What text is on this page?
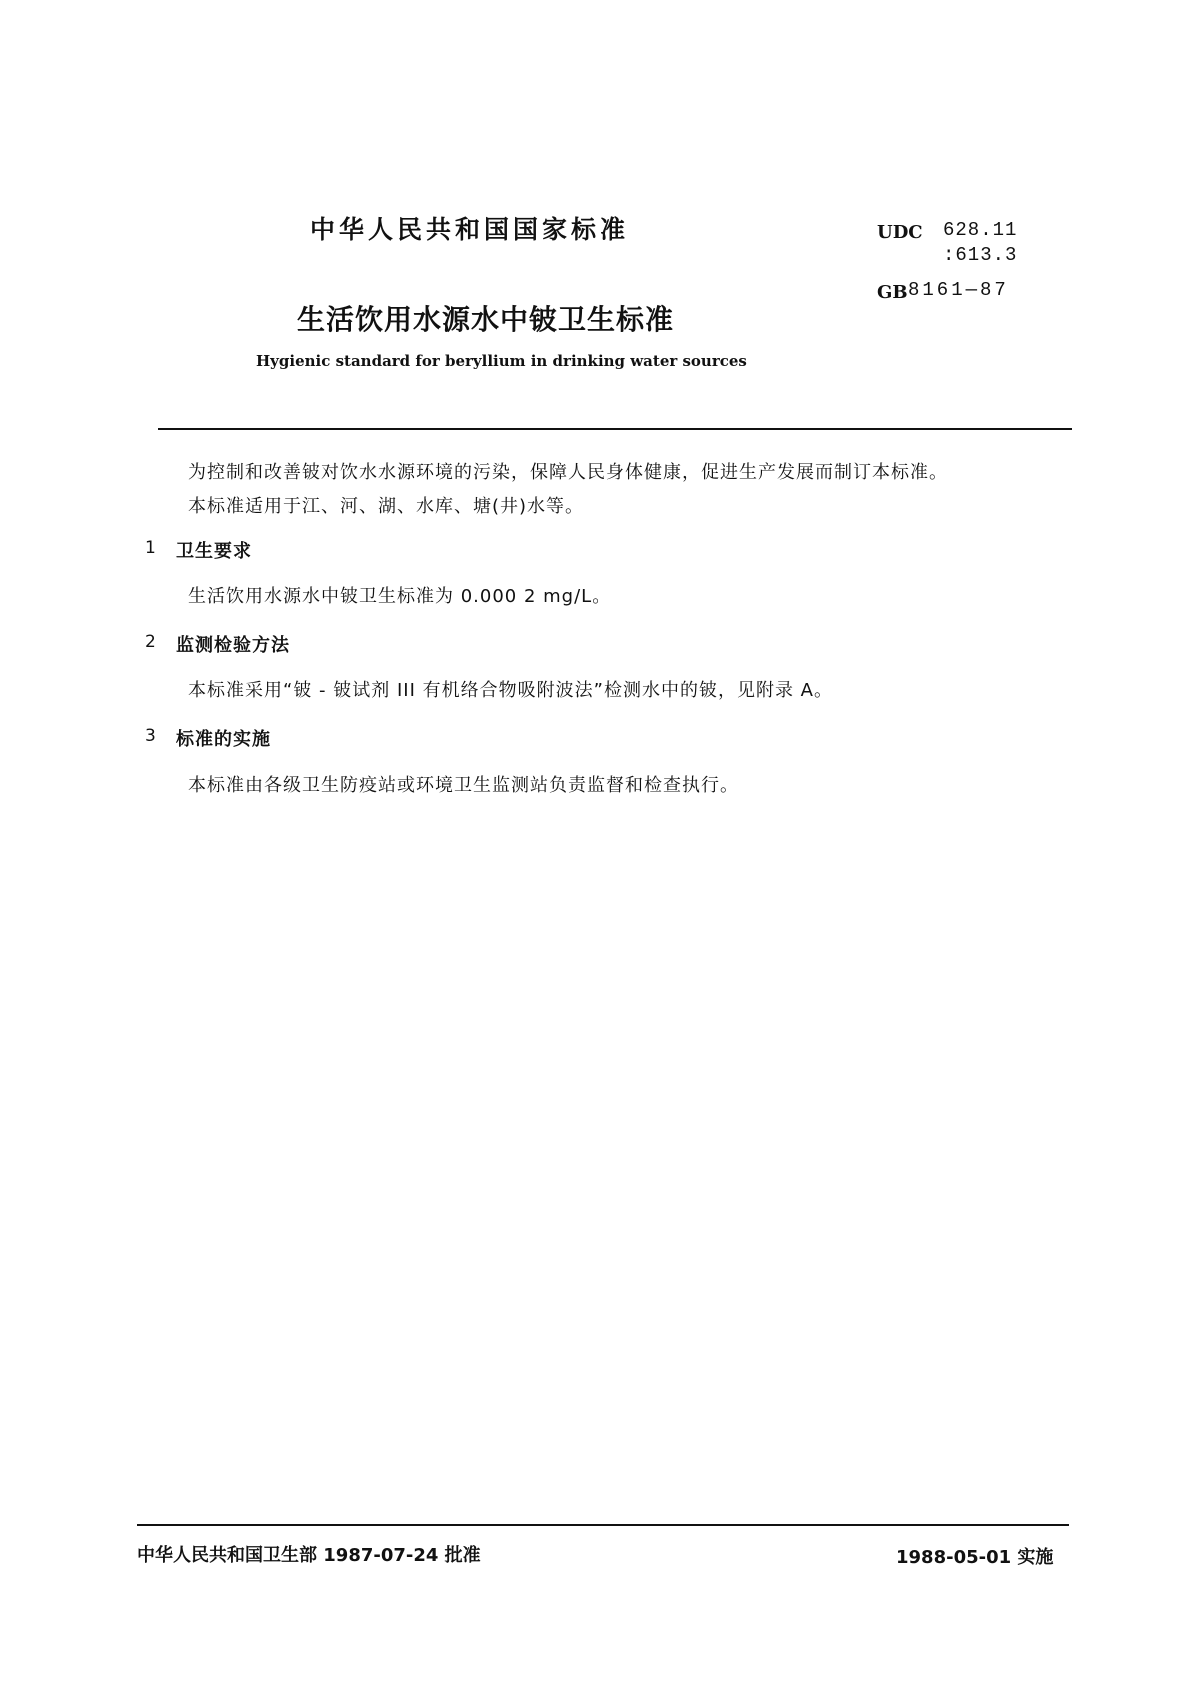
中华人民共和国国家标准	UDC 628.11
:613.3
GB 8161—87
生活饮用水源水中铍卫生标准
Hygienic standard for beryllium in drinking water sources
为控制和改善铍对饮水水源环境的污染，保障人民身体健康，促进生产发展而制订本标准。
本标准适用于江、河、湖、水库、塘(井)水等。
1 卫生要求
生活饮用水源水中铍卫生标准为 0.000 2 mg/L。
2 监测检验方法
本标准采用“铍 - 铍试剂 III 有机络合物吸附波法”检测水中的铍，见附录 A。
3 标准的实施
本标准由各级卫生防疫站或环境卫生监测站负责监督和检查执行。
中华人民共和国卫生部 1987-07-24 批准	1988-05-01 实施
